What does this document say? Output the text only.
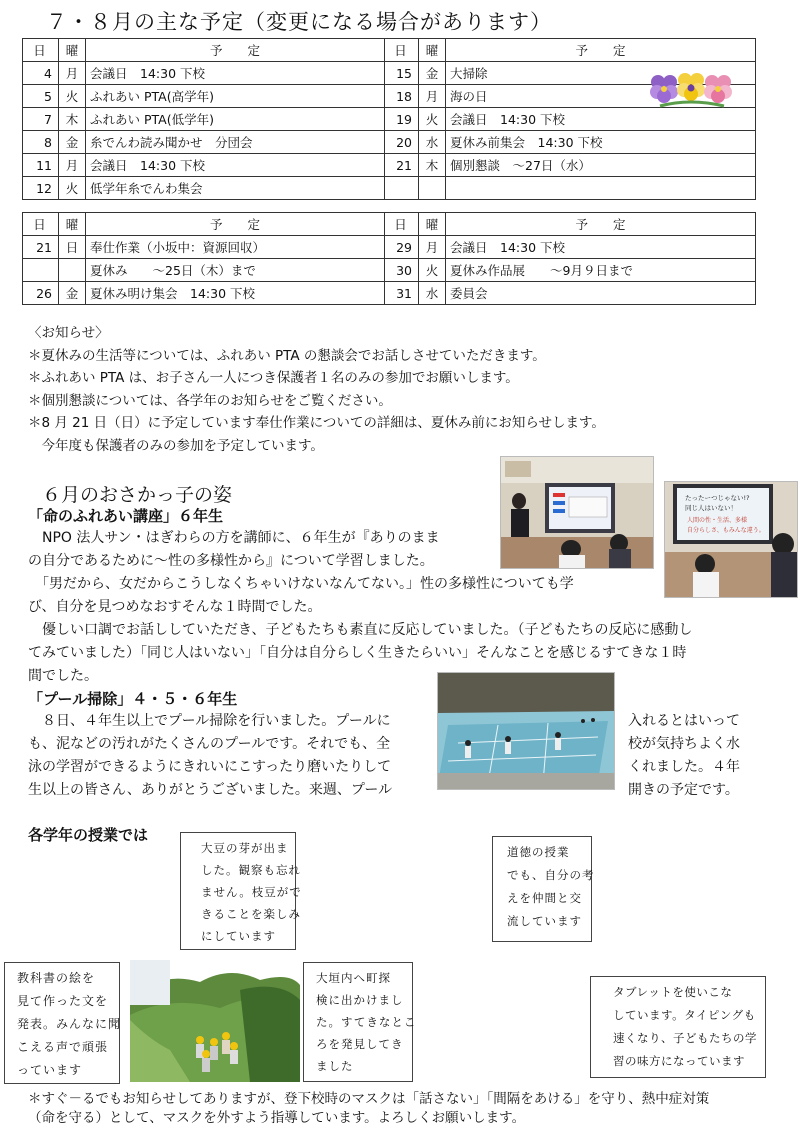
７・８月の主な予定（変更になる場合があります）
日	曜	予　　定	日	曜	予　　定
4	月	会議日　14:30 下校	15	金	大掃除
5	火	ふれあい PTA(高学年)	18	月	海の日
7	木	ふれあい PTA(低学年)	19	火	会議日　14:30 下校
8	金	糸でんわ読み聞かせ　分団会	20	水	夏休み前集会　14:30 下校
11	月	会議日　14:30 下校	21	木	個別懇談　～27日（水）
12	火	低学年糸でんわ集会			
日	曜	予　　定	日	曜	予　　定
21	日	奉仕作業（小坂中：資源回収）	29	月	会議日　14:30 下校
		夏休み　　～25日（木）まで	30	火	夏休み作品展　　～9月９日まで
26	金	夏休み明け集会　14:30 下校	31	水	委員会
〈お知らせ〉
＊夏休みの生活等については、ふれあい PTA の懇談会でお話しさせていただきます。
＊ふれあい PTA は、お子さん一人につき保護者１名のみの参加でお願いします。
＊個別懇談については、各学年のお知らせをご覧ください。
＊8 月 21 日（日）に予定しています奉仕作業についての詳細は、夏休み前にお知らせします。
　今年度も保護者のみの参加を予定しています。
６月のおさかっ子の姿
「命のふれあい講座」６年生
たったーつじゃない!?
同じ人はいない！
人間の性・生活、多様
自分らしさ、もみんな違う。
　NPO 法人サン・はぎわらの方を講師に、６年生が『ありのまま
の自分であるために～性の多様性から』について学習しました。
　「男だから、女だからこうしなくちゃいけないなんてない。」性の多様性についても学
び、自分を見つめなおすそんな１時間でした。
　優しい口調でお話ししていただき、子どもたちも素直に反応していました。（子どもたちの反応に感動し
てみていました）「同じ人はいない」「自分は自分らしく生きたらいい」そんなことを感じるすてきな１時
間でした。
「プール掃除」４・５・６年生
　８日、４年生以上でプール掃除を行いました。プールに
も、泥などの汚れがたくさんのプールです。それでも、全
泳の学習ができるようにきれいにこすったり磨いたりして
生以上の皆さん、ありがとうございました。来週、プール
入れるとはいって
校が気持ちよく水
くれました。４年
開きの予定です。
各学年の授業では
大豆の芽が出ま
した。観察も忘れ
ません。枝豆がで
きることを楽しみ
にしています
道徳の授業
でも、自分の考
えを仲間と交
流しています
教科書の絵を
見て作った文を
発表。みんなに聞
こえる声で頑張
っています
大垣内へ町探
検に出かけまし
た。すてきなとこ
ろを発見してき
ました
タブレットを使いこな
しています。タイピングも
速くなり、子どもたちの学
習の味方になっています
＊すぐ－るでもお知らせしてありますが、登下校時のマスクは「話さない」「間隔をあける」を守り、熱中症対策
（命を守る）として、マスクを外すよう指導しています。よろしくお願いします。
